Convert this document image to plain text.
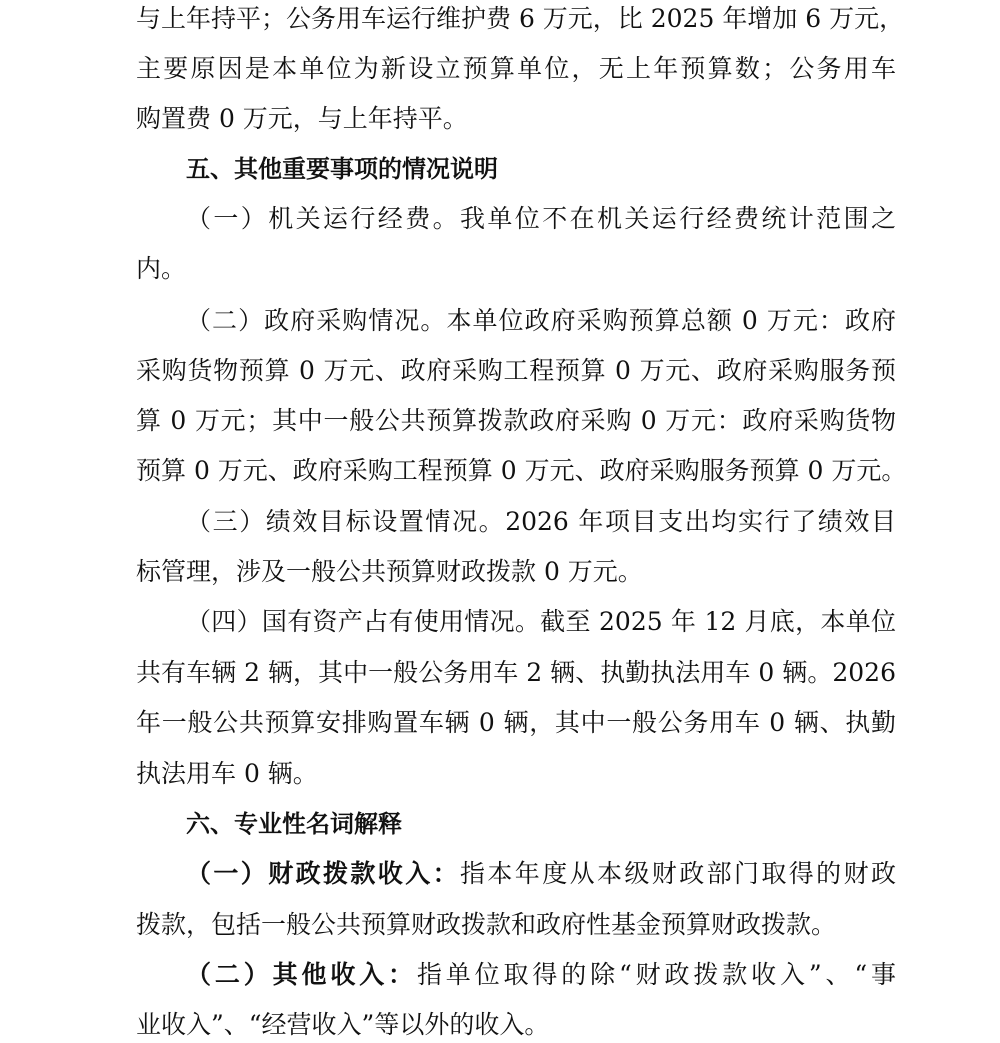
与上年持平；公务用车运行维护费 6 万元，比 2025 年增加 6 万元，
主要原因是本单位为新设立预算单位，无上年预算数；公务用车
购置费 0 万元，与上年持平。
五、其他重要事项的情况说明
（一）机关运行经费。我单位不在机关运行经费统计范围之
内。
（二）政府采购情况。本单位政府采购预算总额 0 万元：政府
采购货物预算 0 万元、政府采购工程预算 0 万元、政府采购服务预
算 0 万元；其中一般公共预算拨款政府采购 0 万元：政府采购货物
预算 0 万元、政府采购工程预算 0 万元、政府采购服务预算 0 万元。
（三）绩效目标设置情况。2026 年项目支出均实行了绩效目
标管理，涉及一般公共预算财政拨款 0 万元。
（四）国有资产占有使用情况。截至 2025 年 12 月底，本单位
共有车辆 2 辆，其中一般公务用车 2 辆、执勤执法用车 0 辆。2026
年一般公共预算安排购置车辆 0 辆，其中一般公务用车 0 辆、执勤
执法用车 0 辆。
六、专业性名词解释
（一）财政拨款收入：指本年度从本级财政部门取得的财政
拨款，包括一般公共预算财政拨款和政府性基金预算财政拨款。
（二）其他收入：指单位取得的除“财政拨款收入”、“事
业收入”、“经营收入”等以外的收入。
